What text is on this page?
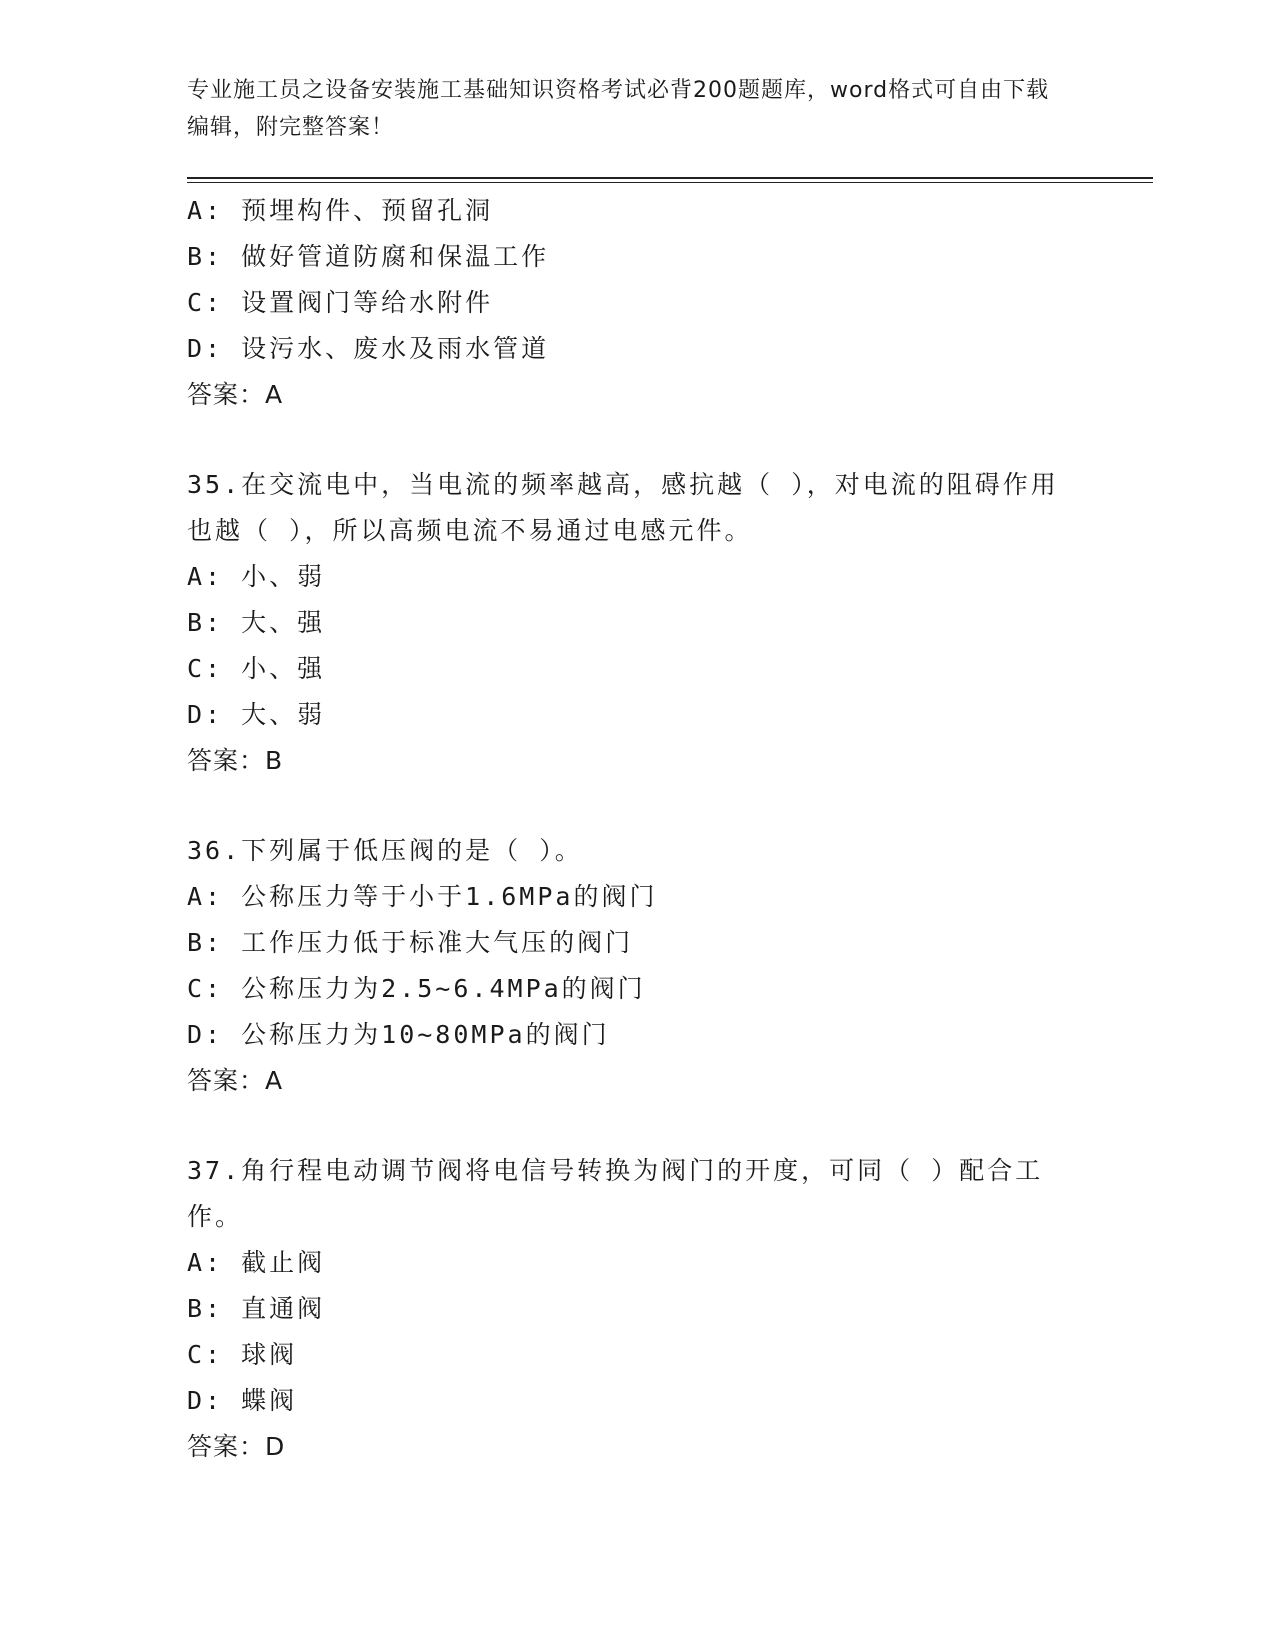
专业施工员之设备安装施工基础知识资格考试必背200题题库，word格式可自由下载编辑，附完整答案！
A: 预埋构件、预留孔洞
B: 做好管道防腐和保温工作
C: 设置阀门等给水附件
D: 设污水、废水及雨水管道
答案：A
35.在交流电中，当电流的频率越高，感抗越（ ），对电流的阻碍作用也越（ ），所以高频电流不易通过电感元件。
A: 小、弱
B: 大、强
C: 小、强
D: 大、弱
答案：B
36.下列属于低压阀的是（ ）。
A: 公称压力等于小于1.6MPa的阀门
B: 工作压力低于标准大气压的阀门
C: 公称压力为2.5~6.4MPa的阀门
D: 公称压力为10~80MPa的阀门
答案：A
37.角行程电动调节阀将电信号转换为阀门的开度，可同（ ）配合工作。
A: 截止阀
B: 直通阀
C: 球阀
D: 蝶阀
答案：D
